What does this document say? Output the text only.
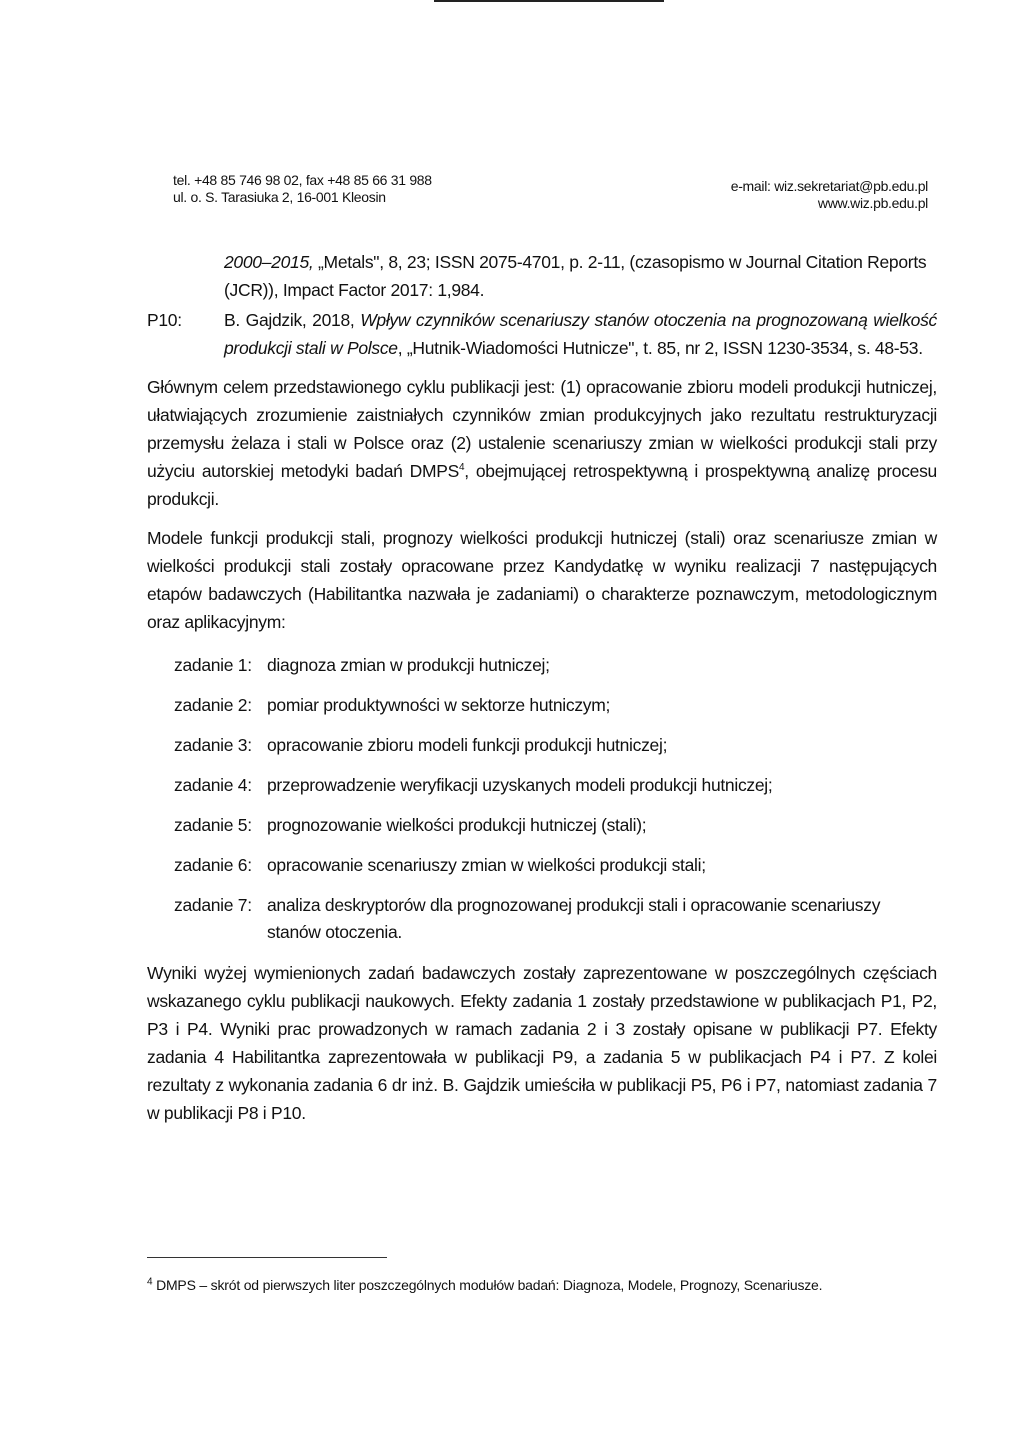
tel. +48 85 746 98 02, fax +48 85 66 31 988
ul. o. S. Tarasiuka 2, 16-001 Kleosin
e-mail: wiz.sekretariat@pb.edu.pl
www.wiz.pb.edu.pl
2000–2015, „Metals", 8, 23; ISSN 2075-4701, p. 2-11, (czasopismo w Journal Citation Reports (JCR)), Impact Factor 2017: 1,984.
P10:	B. Gajdzik, 2018, Wpływ czynników scenariuszy stanów otoczenia na prognozowaną wielkość produkcji stali w Polsce, „Hutnik-Wiadomości Hutnicze", t. 85, nr 2, ISSN 1230-3534, s. 48-53.

Głównym celem przedstawionego cyklu publikacji jest: (1) opracowanie zbioru modeli produkcji hutniczej, ułatwiających zrozumienie zaistniałych czynników zmian produkcyjnych jako rezultatu restrukturyzacji przemysłu żelaza i stali w Polsce oraz (2) ustalenie scenariuszy zmian w wielkości produkcji stali przy użyciu autorskiej metodyki badań DMPS$^4$, obejmującej retrospektywną i prospektywną analizę procesu produkcji.

Modele funkcji produkcji stali, prognozy wielkości produkcji hutniczej (stali) oraz scenariusze zmian w wielkości produkcji stali zostały opracowane przez Kandydatkę w wyniku realizacji 7 następujących etapów badawczych (Habilitantka nazwała je zadaniami) o charakterze poznawczym, metodologicznym oraz aplikacyjnym:

zadanie 1: diagnoza zmian w produkcji hutniczej;
zadanie 2: pomiar produktywności w sektorze hutniczym;
zadanie 3: opracowanie zbioru modeli funkcji produkcji hutniczej;
zadanie 4: przeprowadzenie weryfikacji uzyskanych modeli produkcji hutniczej;
zadanie 5: prognozowanie wielkości produkcji hutniczej (stali);
zadanie 6: opracowanie scenariuszy zmian w wielkości produkcji stali;
zadanie 7: analiza deskryptorów dla prognozowanej produkcji stali i opracowanie scenariuszy stanów otoczenia.

Wyniki wyżej wymienionych zadań badawczych zostały zaprezentowane w poszczególnych częściach wskazanego cyklu publikacji naukowych. Efekty zadania 1 zostały przedstawione w publikacjach P1, P2, P3 i P4. Wyniki prac prowadzonych w ramach zadania 2 i 3 zostały opisane w publikacji P7. Efekty zadania 4 Habilitantka zaprezentowała w publikacji P9, a zadania 5 w publikacjach P4 i P7. Z kolei rezultaty z wykonania zadania 6 dr inż. B. Gajdzik umieściła w publikacji P5, P6 i P7, natomiast zadania 7 w publikacji P8 i P10.

$^4$ DMPS – skrót od pierwszych liter poszczególnych modułów badań: Diagnoza, Modele, Prognozy, Scenariusze.
